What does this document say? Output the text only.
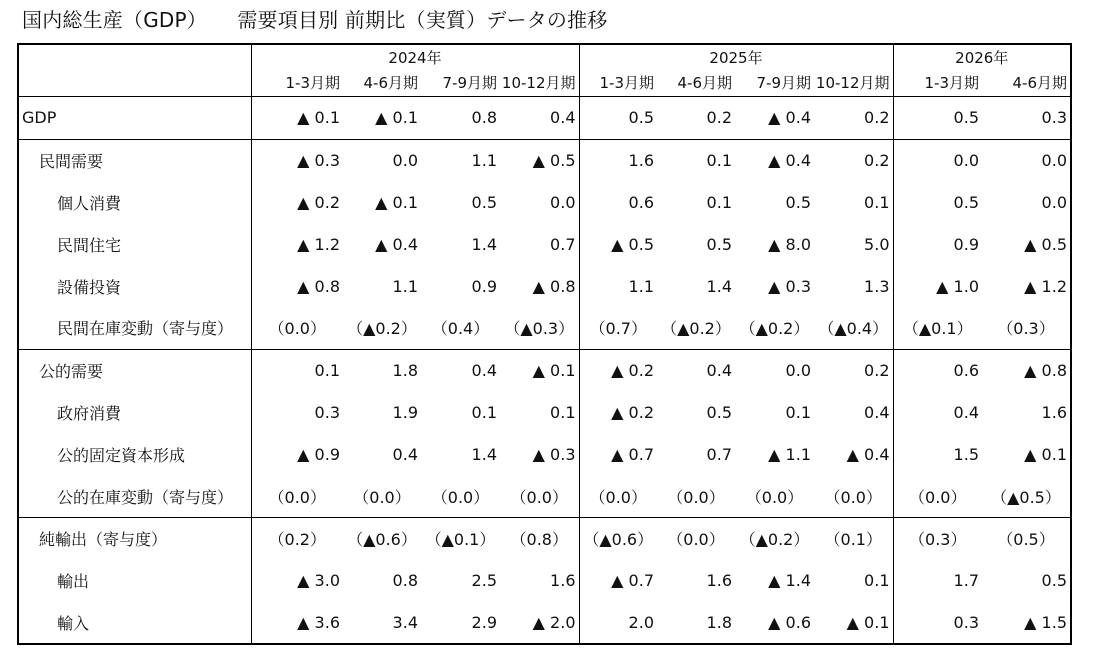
国内総生産（GDP）　　需要項目別 前期比（実質）データの推移
	2024年				2025年				2026年	
	1-3月期	4-6月期	7-9月期	10-12月期	1-3月期	4-6月期	7-9月期	10-12月期	1-3月期	4-6月期
GDP	▲ 0.1	▲ 0.1	0.8	0.4	0.5	0.2	▲ 0.4	0.2	0.5	0.3
民間需要	▲ 0.3	0.0	1.1	▲ 0.5	1.6	0.1	▲ 0.4	0.2	0.0	0.0
個人消費	▲ 0.2	▲ 0.1	0.5	0.0	0.6	0.1	0.5	0.1	0.5	0.0
民間住宅	▲ 1.2	▲ 0.4	1.4	0.7	▲ 0.5	0.5	▲ 8.0	5.0	0.9	▲ 0.5
設備投資	▲ 0.8	1.1	0.9	▲ 0.8	1.1	1.4	▲ 0.3	1.3	▲ 1.0	▲ 1.2
民間在庫変動（寄与度）	（0.0）	（▲0.2）	（0.4）	（▲0.3）	（0.7）	（▲0.2）	（▲0.2）	（▲0.4）	（▲0.1）	（0.3）
公的需要	0.1	1.8	0.4	▲ 0.1	▲ 0.2	0.4	0.0	0.2	0.6	▲ 0.8
政府消費	0.3	1.9	0.1	0.1	▲ 0.2	0.5	0.1	0.4	0.4	1.6
公的固定資本形成	▲ 0.9	0.4	1.4	▲ 0.3	▲ 0.7	0.7	▲ 1.1	▲ 0.4	1.5	▲ 0.1
公的在庫変動（寄与度）	（0.0）	（0.0）	（0.0）	（0.0）	（0.0）	（0.0）	（0.0）	（0.0）	（0.0）	（▲0.5）
純輸出（寄与度）	（0.2）	（▲0.6）	（▲0.1）	（0.8）	（▲0.6）	（0.0）	（▲0.2）	（0.1）	（0.3）	（0.5）
輸出	▲ 3.0	0.8	2.5	1.6	▲ 0.7	1.6	▲ 1.4	0.1	1.7	0.5
輸入	▲ 3.6	3.4	2.9	▲ 2.0	2.0	1.8	▲ 0.6	▲ 0.1	0.3	▲ 1.5
